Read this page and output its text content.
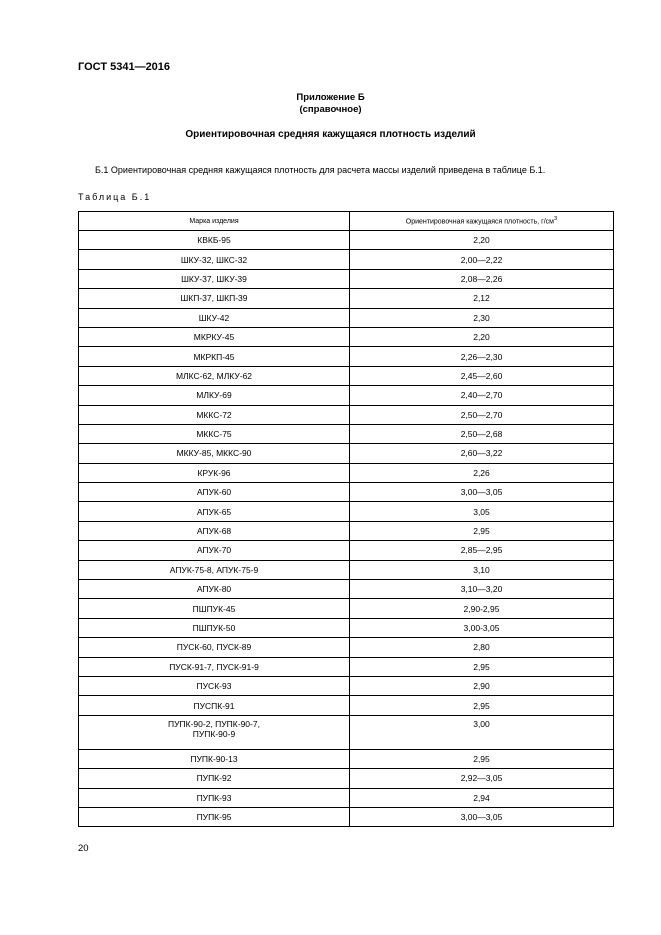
ГОСТ 5341—2016
Приложение Б
(справочное)
Ориентировочная средняя кажущаяся плотность изделий
Б.1 Ориентировочная средняя кажущаяся плотность для расчета массы изделий приведена в таблице Б.1.
Таблица Б.1
Марка изделия	Ориентировочная кажущаяся плотность, $г/см^3$

КВКБ-95	2,20

ШКУ-32, ШКС-32	2,00—2,22

ШКУ-37, ШКУ-39	2,08—2,26

ШКП-37, ШКП-39	2,12

ШКУ-42	2,30

МКРКУ-45	2,20

МКРКП-45	2,26—2,30

МЛКС-62, МЛКУ-62	2,45—2,60

МЛКУ-69	2,40—2,70

МККС-72	2,50—2,70

МККС-75	2,50—2,68

МККУ-85, МККС-90	2,60—3,22

КРУК-96	2,26

АПУК-60	3,00—3,05

АПУК-65	3,05

АПУК-68	2,95

АПУК-70	2,85—2,95

АПУК-75-8, АПУК-75-9	3,10

АПУК-80	3,10—3,20

ПШПУК-45	2,90-2,95

ПШПУК-50	3,00-3,05

ПУСК-60, ПУСК-89	2,80

ПУСК-91-7, ПУСК-91-9	2,95

ПУСК-93	2,90

ПУСПК-91	2,95

ПУПК-90-2, ПУПК-90-7,
ПУПК-90-9	3,00

ПУПК-90-13	2,95

ПУПК-92	2,92—3,05

ПУПК-93	2,94

ПУПК-95	3,00—3,05
20
